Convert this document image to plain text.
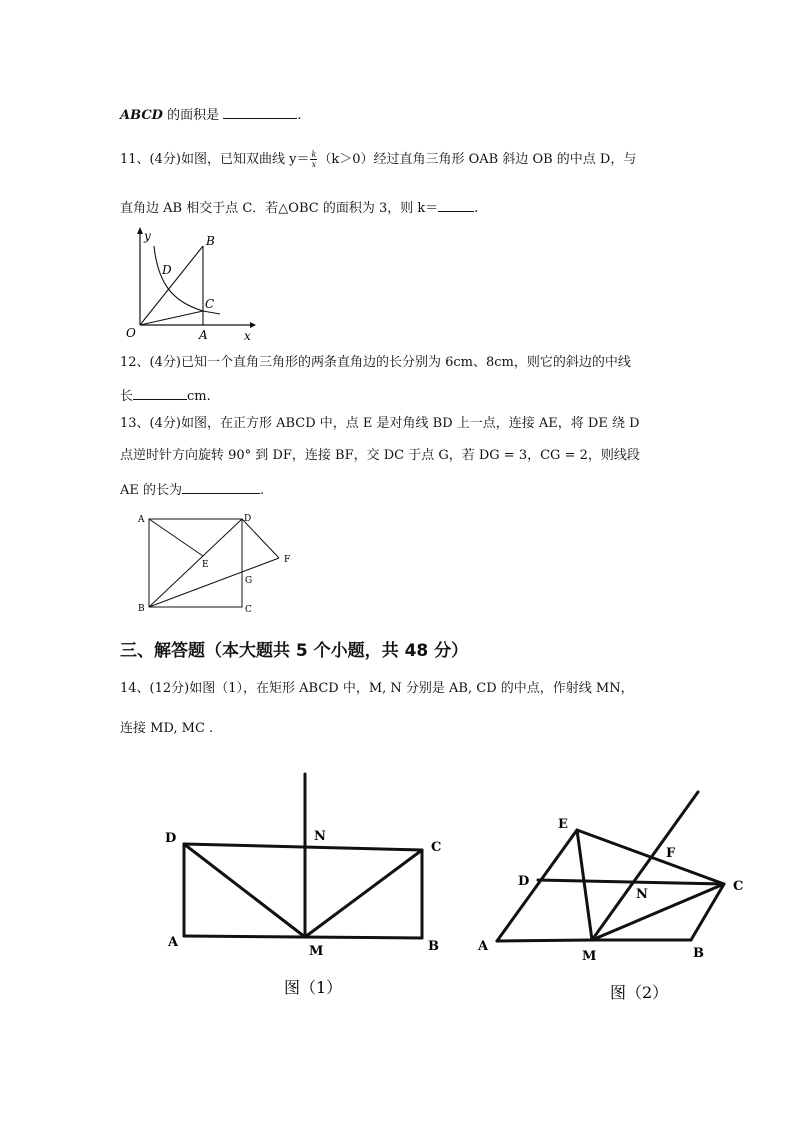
ABCD 的面积是	.
11、(4分)如图，已知双曲线 $y= \frac{k}{x} (k>0)$经过直角三角形 OAB 斜边 OB 的中点 D，与
直角边 AB 相交于点 C．若△OBC 的面积为 3，则 k＝	.
y
x
O	A
B
C
D
12、(4分)已知一个直角三角形的两条直角边的长分别为 6cm、8cm，则它的斜边的中线
长	cm.
13、(4分)如图，在正方形 ABCD 中，点 E 是对角线 BD 上一点，连接 AE，将 DE 绕 D
点逆时针方向旋转 90° 到 DF，连接 BF，交 DC 于点 G，若 DG = 3，CG = 2，则线段
AE 的长为	.
A
B	C
D
E	F
G
三、解答题（本大题共 5 个小题，共 48 分）
14、(12分)如图（1），在矩形 ABCD 中，M, N 分别是 AB, CD 的中点，作射线 MN，
连接 MD, MC .
D	N
C
A
M	B
图（1）
E
F
D
N
C
A
M	B
图（2）
